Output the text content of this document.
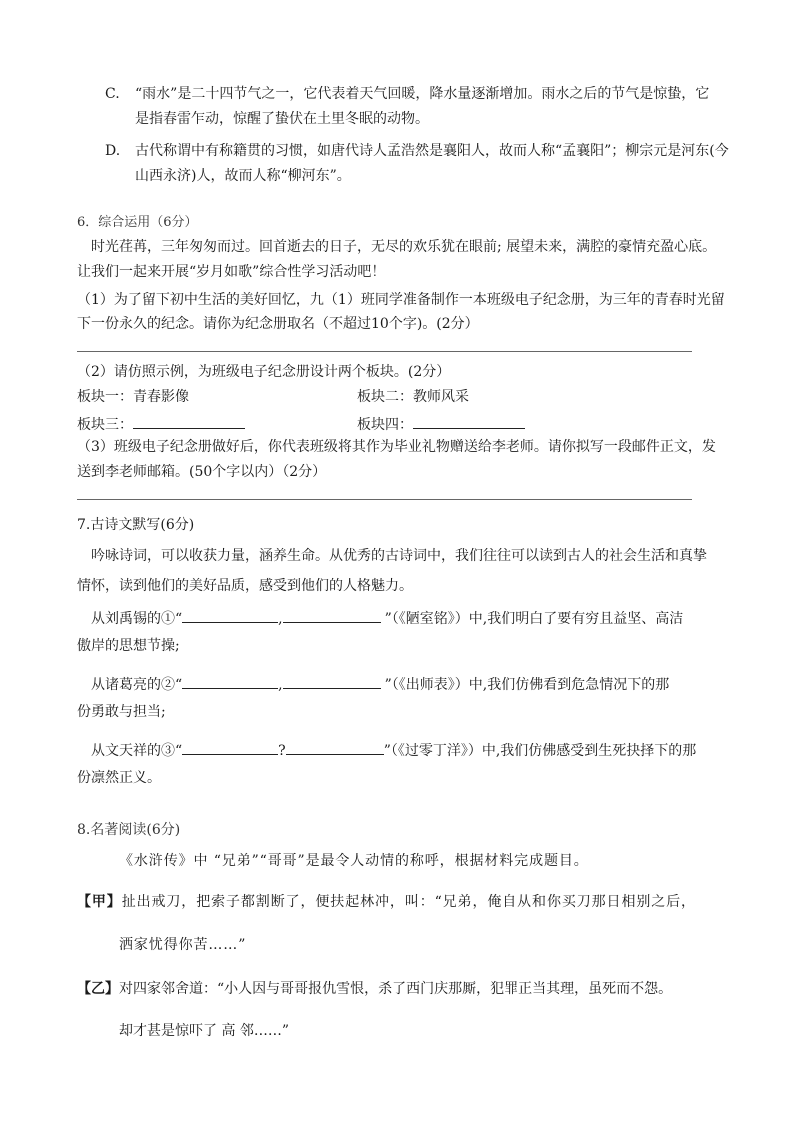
C. “雨水”是二十四节气之一，它代表着天气回暖，降水量逐渐增加。雨水之后的节气是惊蛰，它
是指春雷乍动，惊醒了蛰伏在土里冬眠的动物。
D. 古代称谓中有称籍贯的习惯，如唐代诗人孟浩然是襄阳人，故而人称“孟襄阳”；柳宗元是河东(今
山西永济)人，故而人称“柳河东”。
6．综合运用（6分）
时光荏苒，三年匆匆而过。回首逝去的日子，无尽的欢乐犹在眼前; 展望未来，满腔的豪情充盈心底。
让我们一起来开展“岁月如歌”综合性学习活动吧！
（1）为了留下初中生活的美好回忆，九（1）班同学准备制作一本班级电子纪念册，为三年的青春时光留
下一份永久的纪念。请你为纪念册取名（不超过10个字)。(2分）
（2）请仿照示例，为班级电子纪念册设计两个板块。(2分）
板块一：青春影像	板块二：教师风采
板块三：	板块四：
（3）班级电子纪念册做好后，你代表班级将其作为毕业礼物赠送给李老师。请你拟写一段邮件正文，发
送到李老师邮箱。(50个字以内）（2分）
7.古诗文默写(6分)
吟咏诗词，可以收获力量，涵养生命。从优秀的古诗词中，我们往往可以读到古人的社会生活和真挚
情怀，读到他们的美好品质，感受到他们的人格魅力。
从刘禹锡的①“	,	”（《陋室铭》）中,我们明白了要有穷且益坚、高洁
傲岸的思想节操;
从诸葛亮的②“	,	”（《出师表》）中,我们仿佛看到危急情况下的那
份勇敢与担当;
从文天祥的③“	?	”（《过零丁洋》）中,我们仿佛感受到生死抉择下的那
份凛然正义。
8.名著阅读(6分)
《水浒传》中 “兄弟”“哥哥”是最令人动情的称呼，根据材料完成题目。
【甲】扯出戒刀，把索子都割断了，便扶起林冲，叫：“兄弟，俺自从和你买刀那日相别之后，
洒家忧得你苦……”
【乙】对四家邻舍道：“小人因与哥哥报仇雪恨，杀了西门庆那厮，犯罪正当其理，虽死而不怨。
却才甚是惊吓了 高 邻……”
